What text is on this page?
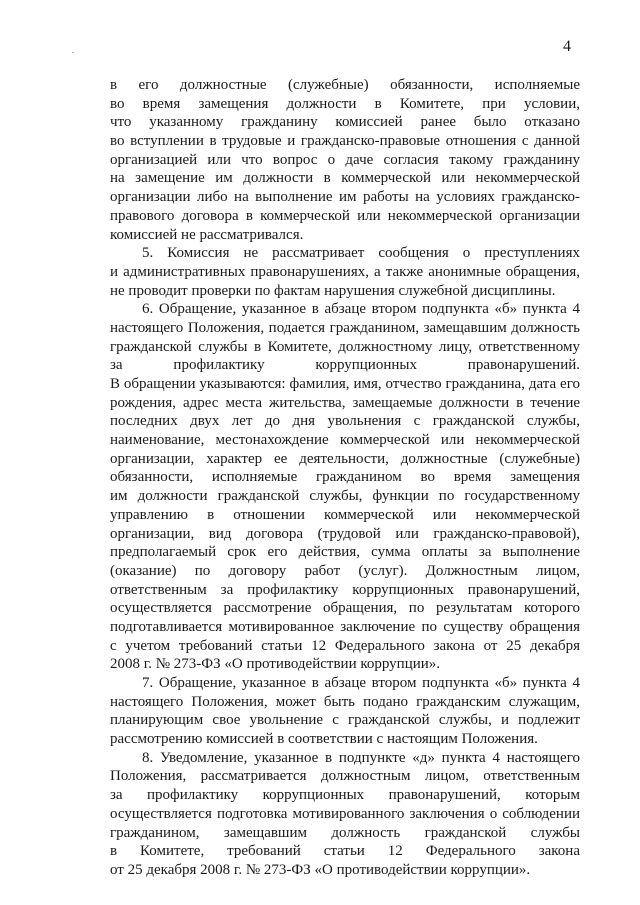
4
в его должностные (служебные) обязанности, исполняемые
во время замещения должности в Комитете, при условии,
что указанному гражданину комиссией ранее было отказано
во вступлении в трудовые и гражданско-правовые отношения с данной
организацией или что вопрос о даче согласия такому гражданину
на замещение им должности в коммерческой или некоммерческой
организации либо на выполнение им работы на условиях гражданско-
правового договора в коммерческой или некоммерческой организации
комиссией не рассматривался.
5. Комиссия не рассматривает сообщения о преступлениях
и административных правонарушениях, а также анонимные обращения,
не проводит проверки по фактам нарушения служебной дисциплины.
6. Обращение, указанное в абзаце втором подпункта «б» пункта 4
настоящего Положения, подается гражданином, замещавшим должность
гражданской службы в Комитете, должностному лицу, ответственному
за профилактику коррупционных правонарушений.
В обращении указываются: фамилия, имя, отчество гражданина, дата его
рождения, адрес места жительства, замещаемые должности в течение
последних двух лет до дня увольнения с гражданской службы,
наименование, местонахождение коммерческой или некоммерческой
организации, характер ее деятельности, должностные (служебные)
обязанности, исполняемые гражданином во время замещения
им должности гражданской службы, функции по государственному
управлению в отношении коммерческой или некоммерческой
организации, вид договора (трудовой или гражданско-правовой),
предполагаемый срок его действия, сумма оплаты за выполнение
(оказание) по договору работ (услуг). Должностным лицом,
ответственным за профилактику коррупционных правонарушений,
осуществляется рассмотрение обращения, по результатам которого
подготавливается мотивированное заключение по существу обращения
с учетом требований статьи 12 Федерального закона от 25 декабря
2008 г. № 273-ФЗ «О противодействии коррупции».
7. Обращение, указанное в абзаце втором подпункта «б» пункта 4
настоящего Положения, может быть подано гражданским служащим,
планирующим свое увольнение с гражданской службы, и подлежит
рассмотрению комиссией в соответствии с настоящим Положения.
8. Уведомление, указанное в подпункте «д» пункта 4 настоящего
Положения, рассматривается должностным лицом, ответственным
за профилактику коррупционных правонарушений, которым
осуществляется подготовка мотивированного заключения о соблюдении
гражданином, замещавшим должность гражданской службы
в Комитете, требований статьи 12 Федерального закона
от 25 декабря 2008 г. № 273-ФЗ «О противодействии коррупции».
